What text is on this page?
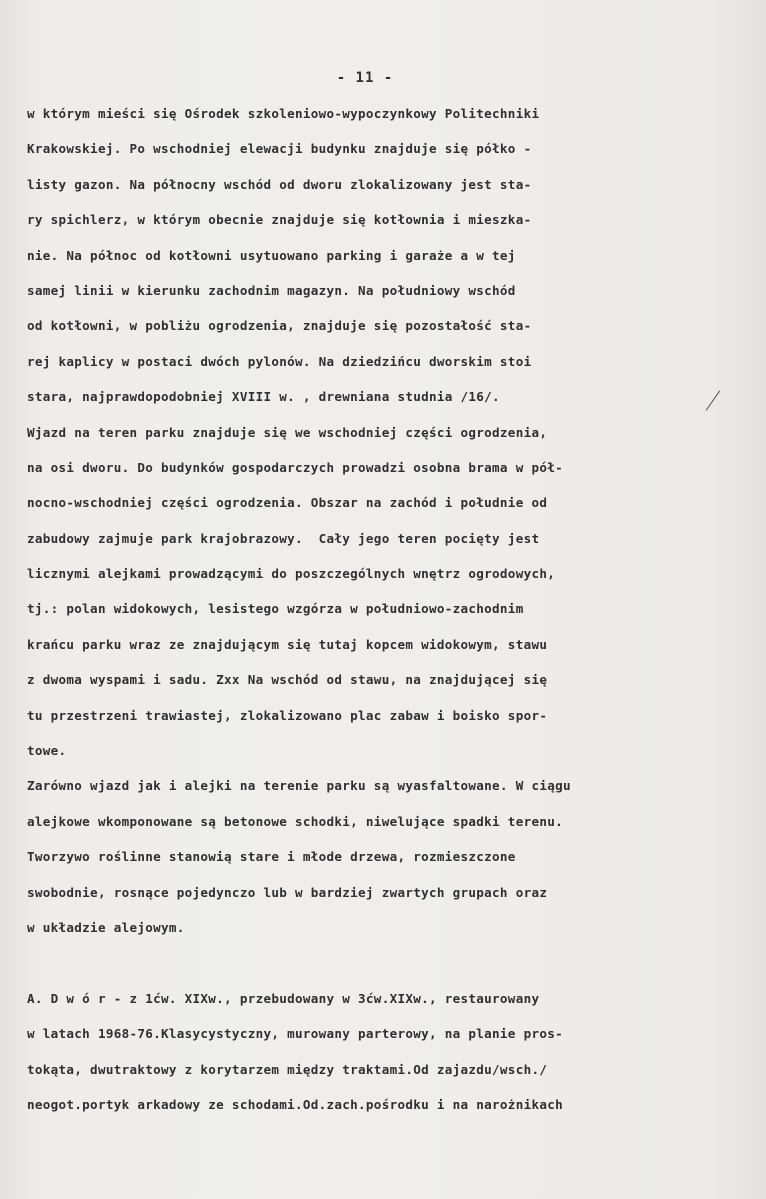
- 11 -
w którym mieści się Ośrodek szkoleniowo-wypoczynkowy Politechniki
Krakowskiej. Po wschodniej elewacji budynku znajduje się półko -
listy gazon. Na północny wschód od dworu zlokalizowany jest sta-
ry spichlerz, w którym obecnie znajduje się kotłownia i mieszka-
nie. Na północ od kotłowni usytuowano parking i garaże a w tej
samej linii w kierunku zachodnim magazyn. Na południowy wschód
od kotłowni, w pobliżu ogrodzenia, znajduje się pozostałość sta-
rej kaplicy w postaci dwóch pylonów. Na dziedzińcu dworskim stoi
stara, najprawdopodobniej XVIII w. , drewniana studnia /16/.
Wjazd na teren parku znajduje się we wschodniej części ogrodzenia,
na osi dworu. Do budynków gospodarczych prowadzi osobna brama w pół-
nocno-wschodniej części ogrodzenia. Obszar na zachód i południe od
zabudowy zajmuje park krajobrazowy.  Cały jego teren pocięty jest
licznymi alejkami prowadzącymi do poszczególnych wnętrz ogrodowych,
tj.: polan widokowych, lesistego wzgórza w południowo-zachodnim
krańcu parku wraz ze znajdującym się tutaj kopcem widokowym, stawu
z dwoma wyspami i sadu. Zxx Na wschód od stawu, na znajdującej się
tu przestrzeni trawiastej, zlokalizowano plac zabaw i boisko spor-
towe.
Zarówno wjazd jak i alejki na terenie parku są wyasfaltowane. W ciągu
alejkowe wkomponowane są betonowe schodki, niwelujące spadki terenu.
Tworzywo roślinne stanowią stare i młode drzewa, rozmieszczone
swobodnie, rosnące pojedynczo lub w bardziej zwartych grupach oraz
w układzie alejowym.

A. D w ó r - z 1ćw. XIXw., przebudowany w 3ćw.XIXw., restaurowany
w latach 1968-76.Klasycystyczny, murowany parterowy, na planie pros-
tokąta, dwutraktowy z korytarzem między traktami.Od zajazdu/wsch./
neogot.portyk arkadowy ze schodami.Od.zach.pośrodku i na narożnikach
